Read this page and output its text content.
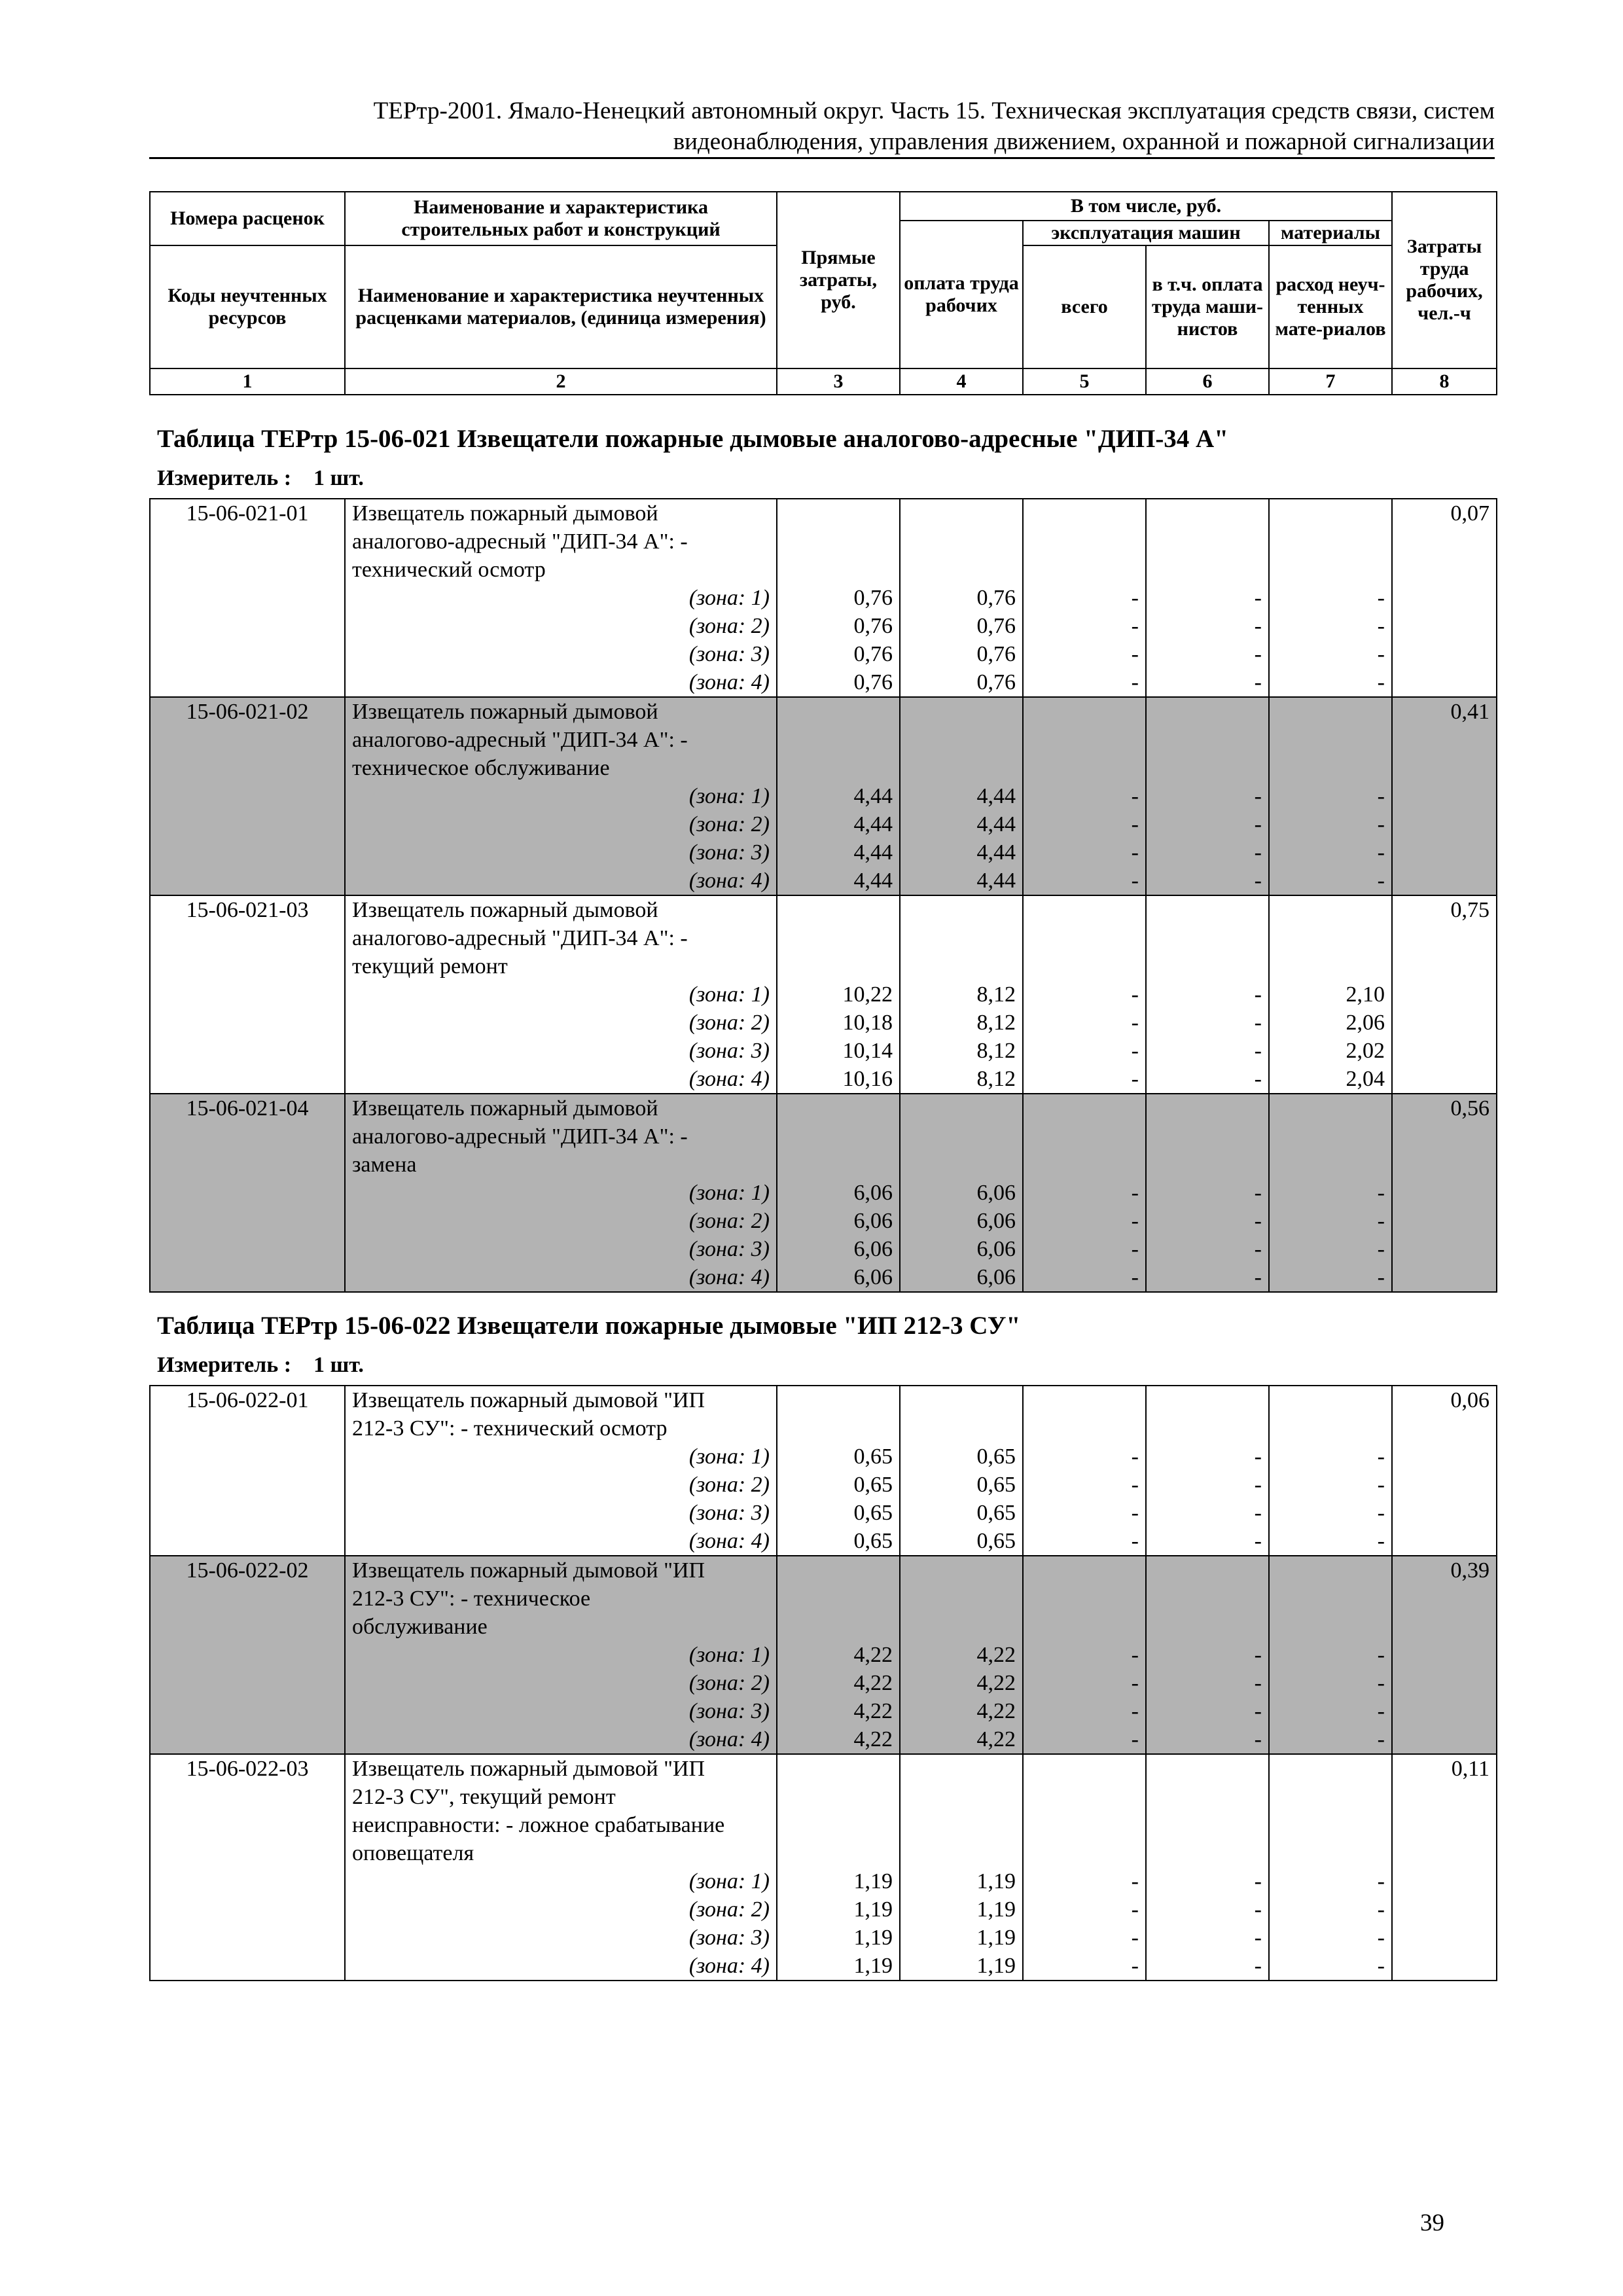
ТЕРтр-2001. Ямало-Ненецкий автономный округ. Часть 15. Техническая эксплуатация средств связи, систем
видеонаблюдения, управления движением, охранной и пожарной сигнализации
Номера расценок	Наименование и характеристика строительных работ и конструкций	Прямые затраты, руб.	В том числе, руб.				Затраты труда рабочих, чел.-ч
			оплата труда рабочих	эксплуатация машин		материалы	
Коды неучтенных ресурсов	Наименование и характеристика неучтенных расценками материалов, (единица измерения)			всего	в т.ч. оплата труда маши-нистов	расход неуч-тенных мате-риалов	

1	2	3	4	5	6	7	8
Таблица ТЕРтр 15-06-021 Извещатели пожарные дымовые аналогово-адресные "ДИП-34 А"
Измеритель : 1 шт.
15-06-021-01	Извещатель пожарный дымовой						0,07
	аналогово-адресный "ДИП-34 А": -						
	технический осмотр						
	(зона: 1)	0,76	0,76	-	-	-	
	(зона: 2)	0,76	0,76	-	-	-	
	(зона: 3)	0,76	0,76	-	-	-	
	(зона: 4)	0,76	0,76	-	-	-	
15-06-021-02	Извещатель пожарный дымовой						0,41
	аналогово-адресный "ДИП-34 А": -						
	техническое обслуживание						
	(зона: 1)	4,44	4,44	-	-	-	
	(зона: 2)	4,44	4,44	-	-	-	
	(зона: 3)	4,44	4,44	-	-	-	
	(зона: 4)	4,44	4,44	-	-	-	
15-06-021-03	Извещатель пожарный дымовой						0,75
	аналогово-адресный "ДИП-34 А": -						
	текущий ремонт						
	(зона: 1)	10,22	8,12	-	-	2,10	
	(зона: 2)	10,18	8,12	-	-	2,06	
	(зона: 3)	10,14	8,12	-	-	2,02	
	(зона: 4)	10,16	8,12	-	-	2,04	
15-06-021-04	Извещатель пожарный дымовой						0,56
	аналогово-адресный "ДИП-34 А": -						
	замена						
	(зона: 1)	6,06	6,06	-	-	-	
	(зона: 2)	6,06	6,06	-	-	-	
	(зона: 3)	6,06	6,06	-	-	-	
	(зона: 4)	6,06	6,06	-	-	-	
Таблица ТЕРтр 15-06-022 Извещатели пожарные дымовые "ИП 212-3 СУ"
Измеритель : 1 шт.
15-06-022-01	Извещатель пожарный дымовой "ИП						0,06
	212-3 СУ": - технический осмотр						
	(зона: 1)	0,65	0,65	-	-	-	
	(зона: 2)	0,65	0,65	-	-	-	
	(зона: 3)	0,65	0,65	-	-	-	
	(зона: 4)	0,65	0,65	-	-	-	
15-06-022-02	Извещатель пожарный дымовой "ИП						0,39
	212-3 СУ": - техническое						
	обслуживание						
	(зона: 1)	4,22	4,22	-	-	-	
	(зона: 2)	4,22	4,22	-	-	-	
	(зона: 3)	4,22	4,22	-	-	-	
	(зона: 4)	4,22	4,22	-	-	-	
15-06-022-03	Извещатель пожарный дымовой "ИП						0,11
	212-3 СУ", текущий ремонт						
	неисправности: - ложное срабатывание						
	оповещателя						
	(зона: 1)	1,19	1,19	-	-	-	
	(зона: 2)	1,19	1,19	-	-	-	
	(зона: 3)	1,19	1,19	-	-	-	
	(зона: 4)	1,19	1,19	-	-	-	
39
